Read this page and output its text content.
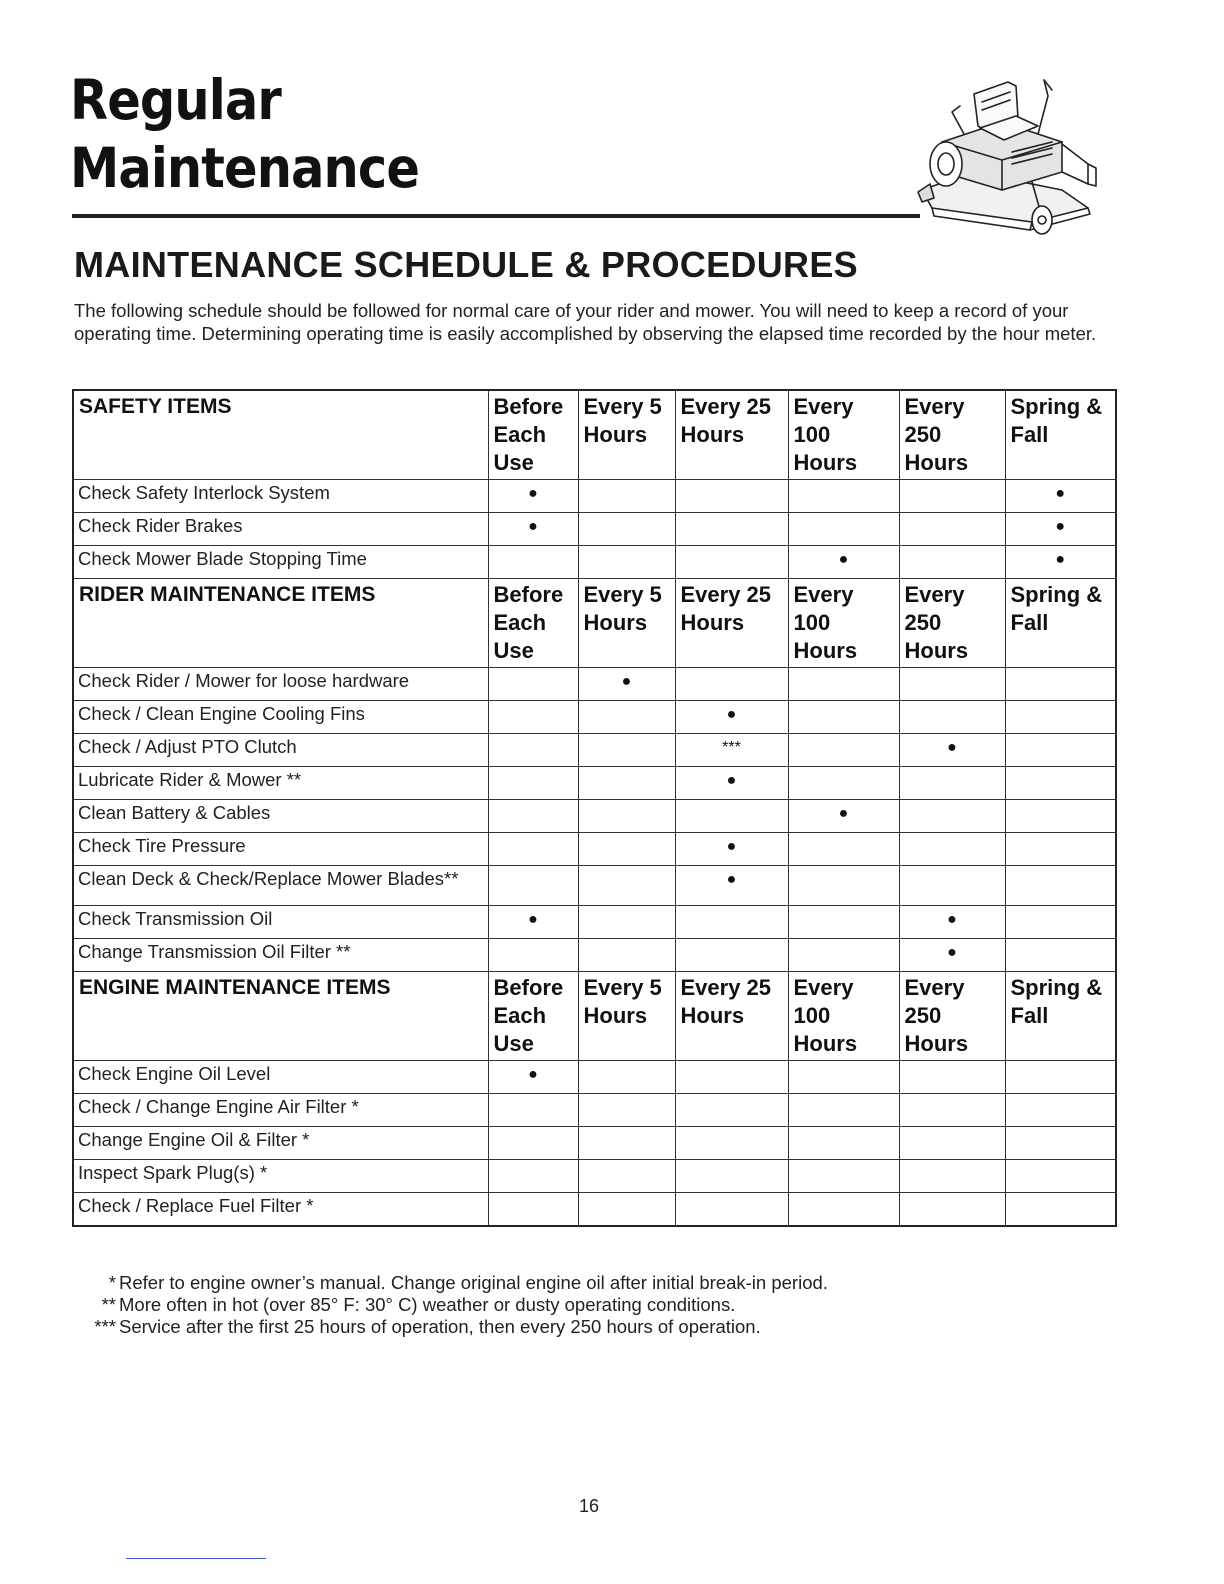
Regular
Maintenance
MAINTENANCE SCHEDULE & PROCEDURES

The following schedule should be followed for normal care of your rider and mower. You will need to keep a record of your operating time. Determining operating time is easily accomplished by observing the elapsed time recorded by the hour meter.

SAFETY ITEMS	Before
Each
Use	Every 5
Hours	Every 25
Hours	Every
100
Hours	Every
250
Hours	Spring &
Fall

Check Safety Interlock System	●					●
Check Rider Brakes	●					●
Check Mower Blade Stopping Time				●		●
RIDER MAINTENANCE ITEMS	Before
Each
Use	Every 5
Hours	Every 25
Hours	Every
100
Hours	Every
250
Hours	Spring &
Fall

Check Rider / Mower for loose hardware		●				
Check / Clean Engine Cooling Fins			●			
Check / Adjust PTO Clutch			***		●	
Lubricate Rider & Mower **			●			
Clean Battery & Cables				●		
Check Tire Pressure			●			
Clean Deck & Check/Replace Mower Blades**			●			
Check Transmission Oil	●				●	
Change Transmission Oil Filter **					●	
ENGINE MAINTENANCE ITEMS	Before
Each
Use	Every 5
Hours	Every 25
Hours	Every
100
Hours	Every
250
Hours	Spring &
Fall

Check Engine Oil Level	●					
Check / Change Engine Air Filter *						
Change Engine Oil & Filter *						
Inspect Spark Plug(s) *						
Check / Replace Fuel Filter *						
* Refer to engine owner’s manual. Change original engine oil after initial break-in period.
** More often in hot (over 85° F: 30° C) weather or dusty operating conditions.
*** Service after the first 25 hours of operation, then every 250 hours of operation.
16
